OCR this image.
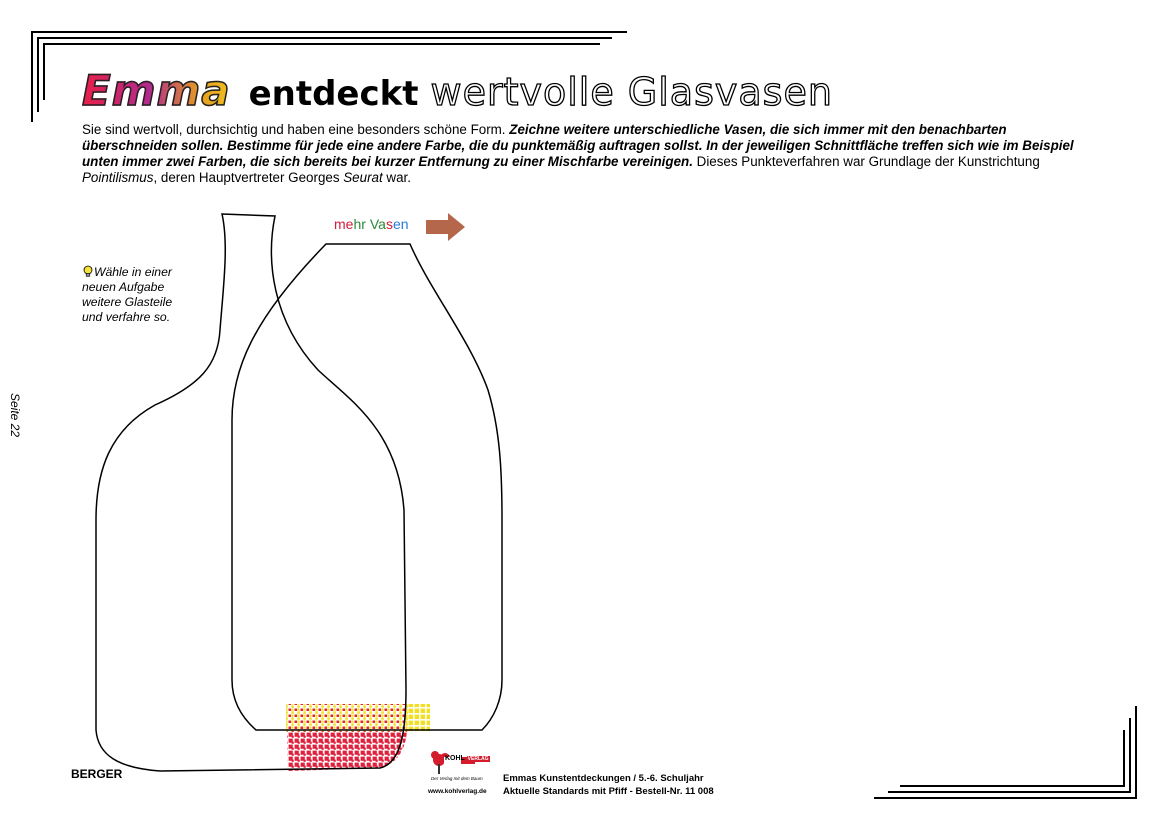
Emma entdeckt wertvolle Glasvasen
Sie sind wertvoll, durchsichtig und haben eine besonders schöne Form. Zeichne weitere unterschiedliche Vasen, die sich immer mit den benachbarten überschneiden sollen. Bestimme für jede eine andere Farbe, die du punktemäßig auftragen sollst. In der jeweiligen Schnittfläche treffen sich wie im Beispiel unten immer zwei Farben, die sich bereits bei kurzer Entfernung zu einer Mischfarbe vereinigen. Dieses Punkteverfahren war Grundlage der Kunstrichtung Pointilismus, deren Hauptvertreter Georges Seurat war.
mehr Vasen
Wähle in einer
neuen Aufgabe
weitere Glasteile
und verfahre so.
Seite 22
BERGER
KOHL VERLAG
Der Verlag mit dem Baum
www.kohlverlag.de
Emmas Kunstentdeckungen / 5.-6. Schuljahr
Aktuelle Standards mit Pfiff - Bestell-Nr. 11 008
